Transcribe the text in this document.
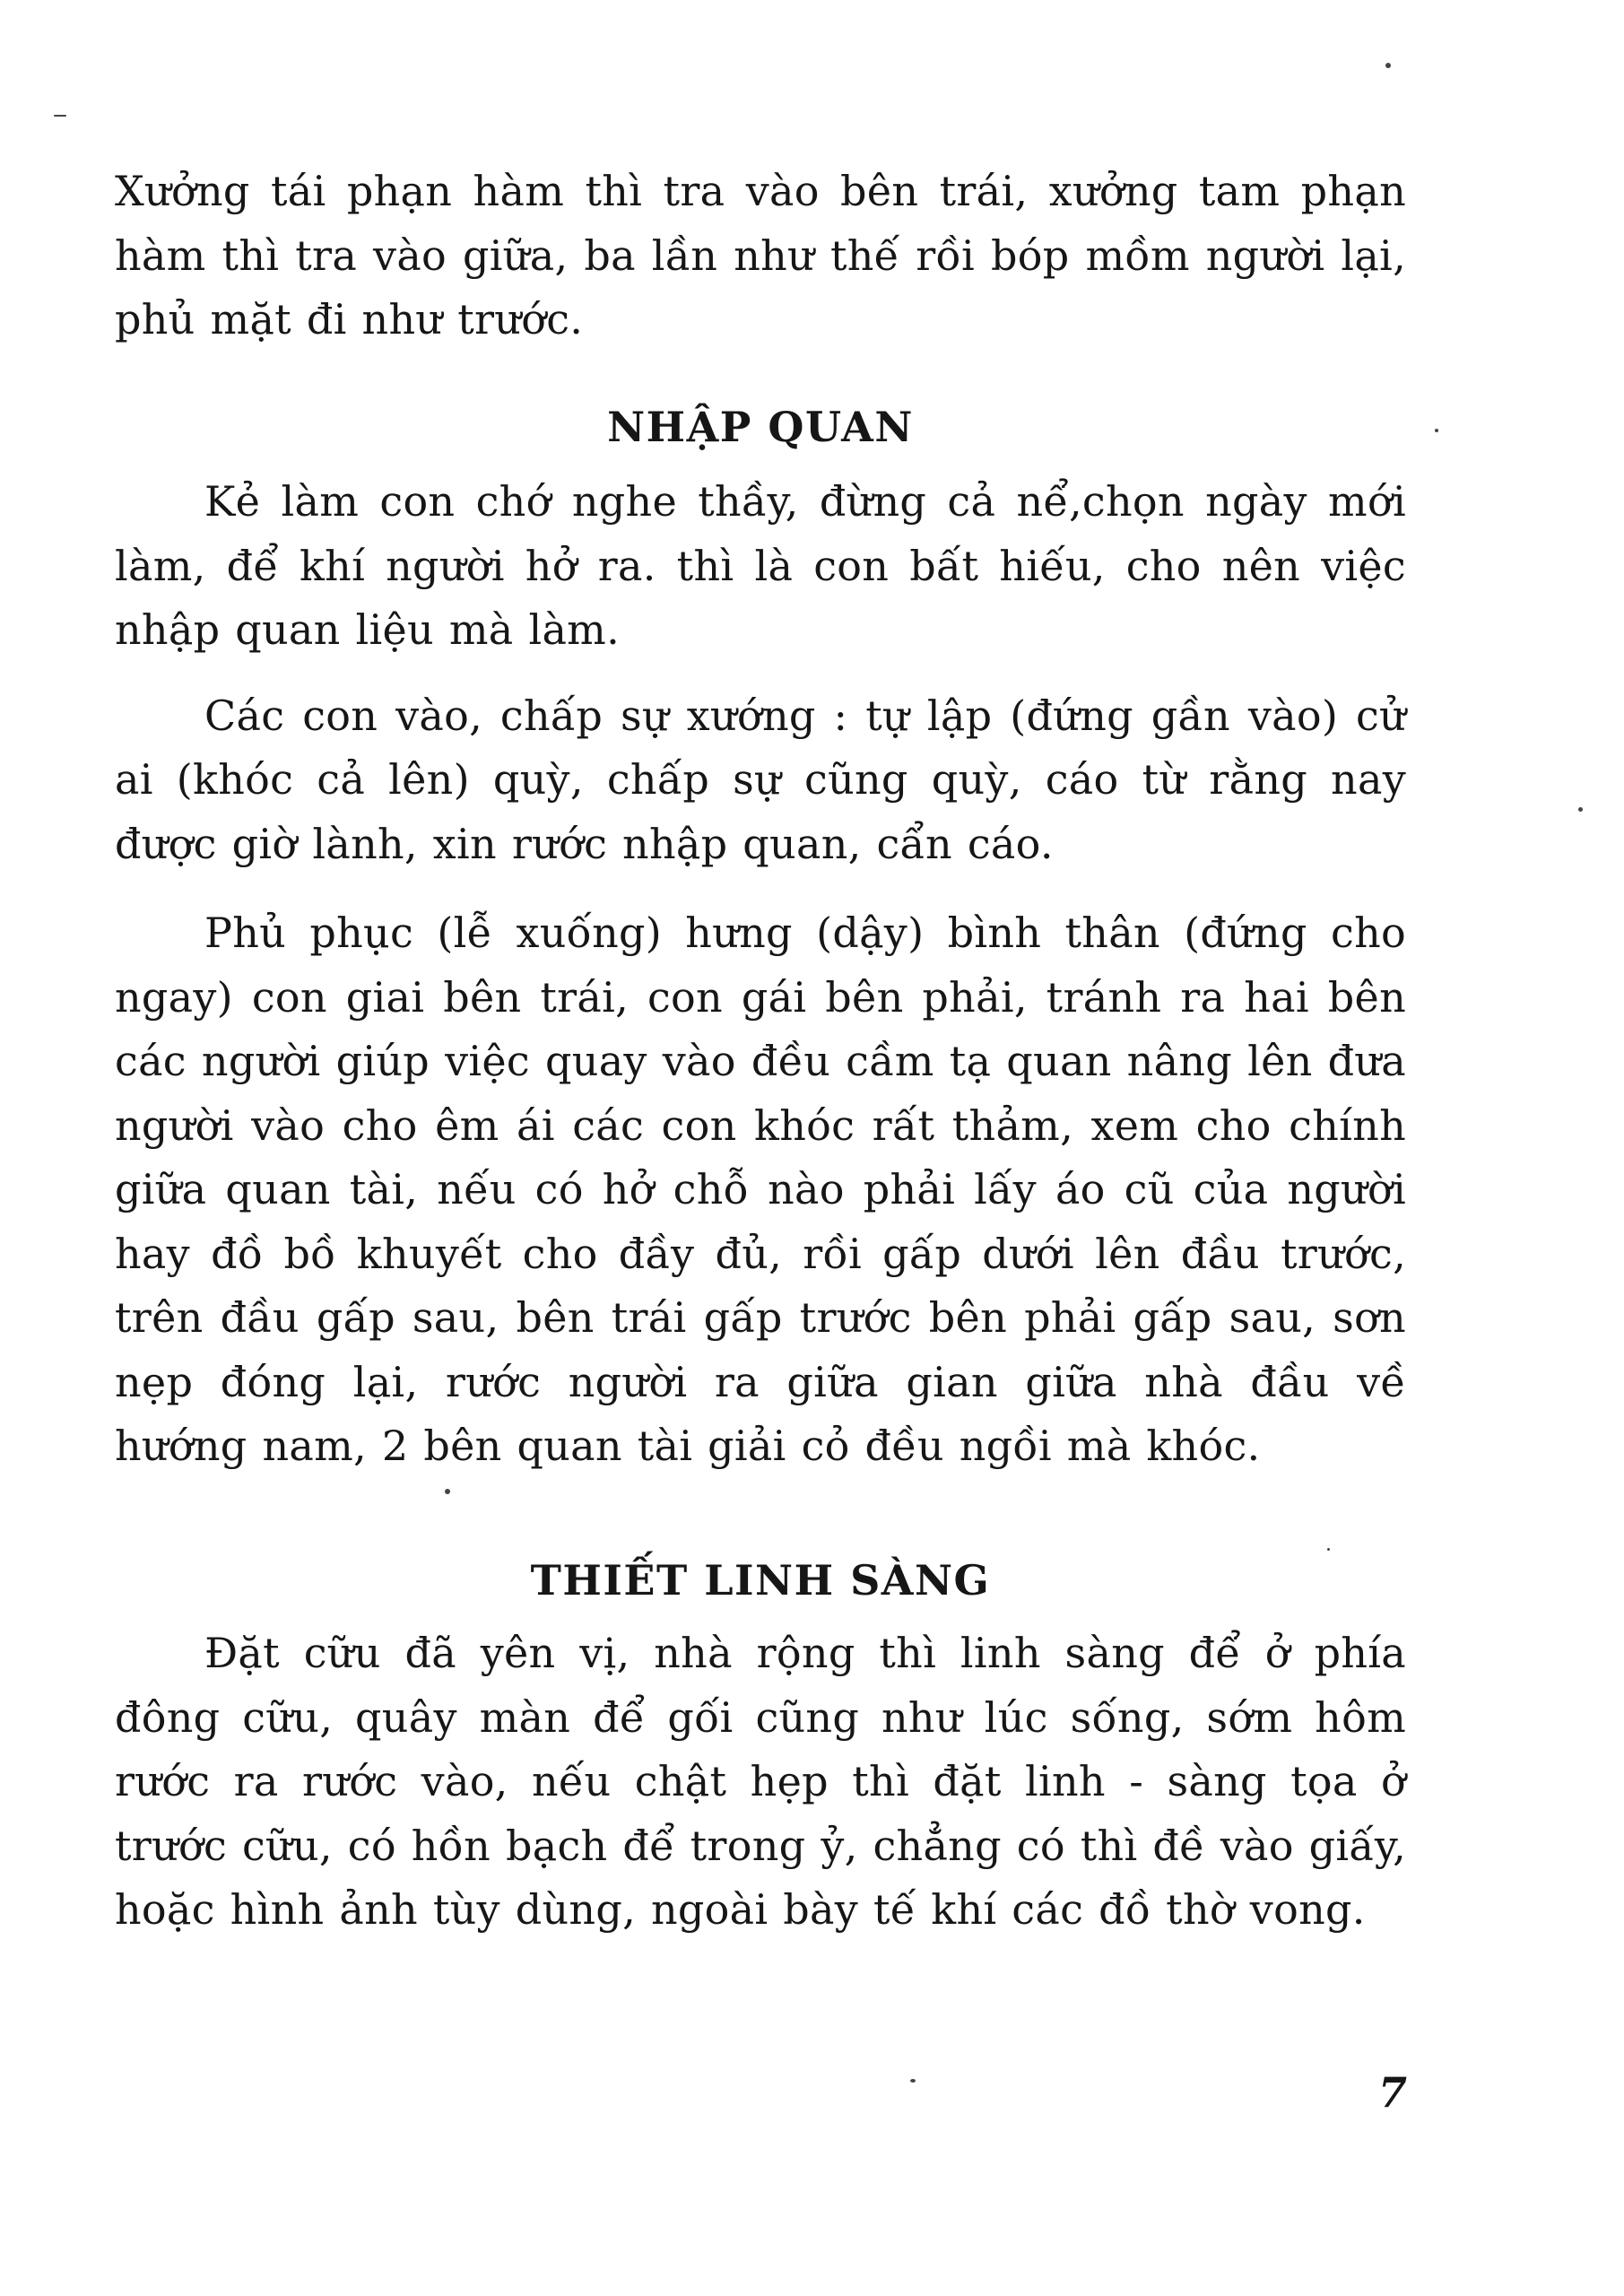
Xưởng tái phạn hàm thì tra vào bên trái, xưởng tam phạn hàm thì tra vào giữa, ba lần như thế rồi bóp mồm người lại, phủ mặt đi như trước.

NHẬP QUAN

Kẻ làm con chớ nghe thầy, đừng cả nể,chọn ngày mới làm, để khí người hở ra. thì là con bất hiếu, cho nên việc nhập quan liệu mà làm.

Các con vào, chấp sự xướng : tự lập (đứng gần vào) cử ai (khóc cả lên) quỳ, chấp sự cũng quỳ, cáo từ rằng nay được giờ lành, xin rước nhập quan, cẩn cáo.

Phủ phục (lễ xuống) hưng (dậy) bình thân (đứng cho ngay) con giai bên trái, con gái bên phải, tránh ra hai bên các người giúp việc quay vào đều cầm tạ quan nâng lên đưa người vào cho êm ái các con khóc rất thảm, xem cho chính giữa quan tài, nếu có hở chỗ nào phải lấy áo cũ của người hay đồ bồ khuyết cho đầy đủ, rồi gấp dưới lên đầu trước, trên đầu gấp sau, bên trái gấp trước bên phải gấp sau, sơn nẹp đóng lại, rước người ra giữa gian giữa nhà đầu về hướng nam, 2 bên quan tài giải cỏ đều ngồi mà khóc.

THIẾT LINH SÀNG

Đặt cữu đã yên vị, nhà rộng thì linh sàng để ở phía đông cữu, quây màn để gối cũng như lúc sống, sớm hôm rước ra rước vào, nếu chật hẹp thì đặt linh - sàng tọa ở trước cữu, có hồn bạch để trong ỷ, chẳng có thì đề vào giấy, hoặc hình ảnh tùy dùng, ngoài bày tế khí các đồ thờ vong.

7
